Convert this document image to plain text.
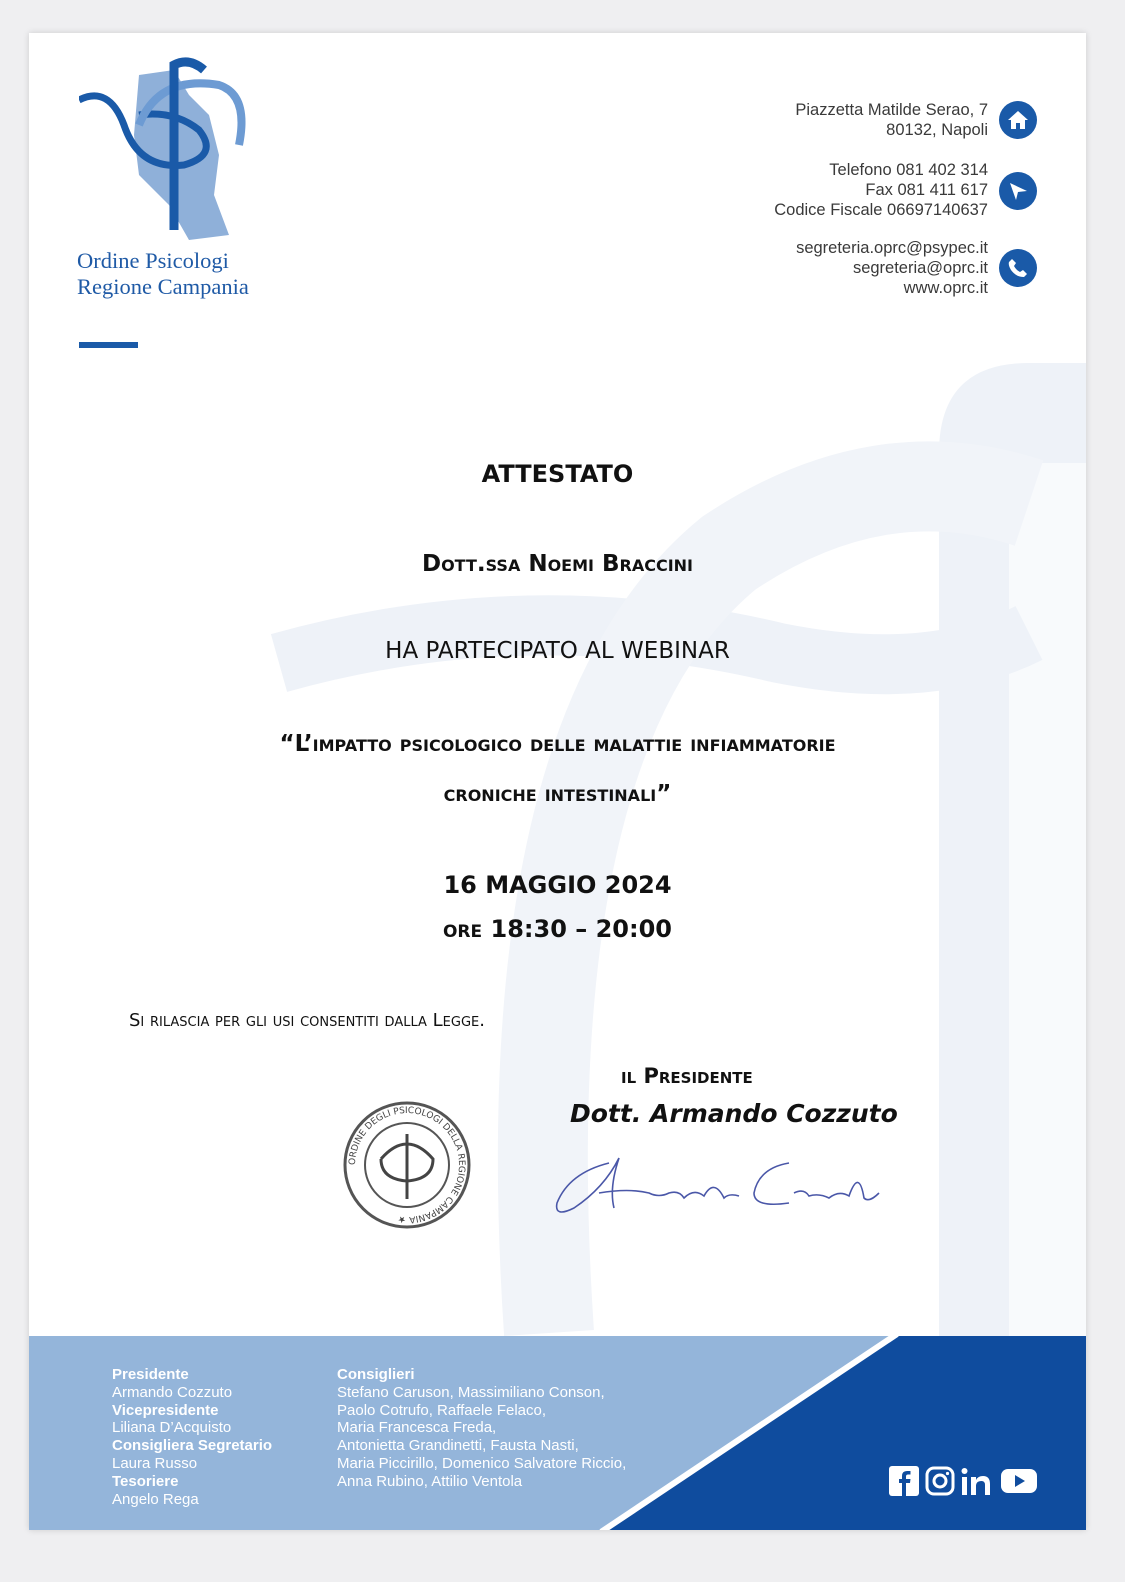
Ordine Psicologi
Regione Campania
Piazzetta Matilde Serao, 7
80132, Napoli
Telefono 081 402 314
Fax 081 411 617
Codice Fiscale 06697140637
segreteria.oprc@psypec.it
segreteria@oprc.it
www.oprc.it
ATTESTATO
Dott.ssa Noemi Braccini
HA PARTECIPATO AL WEBINAR
“L’impatto psicologico delle malattie infiammatorie
croniche intestinali”
16 MAGGIO 2024
ore 18:30 – 20:00
Si rilascia per gli usi consentiti dalla Legge.
il Presidente
Dott. Armando Cozzuto
ORDINE DEGLI PSICOLOGI DELLA REGIONE CAMPANIA ★
Presidente
Armando Cozzuto
Vicepresidente
Liliana D’Acquisto
Consigliera Segretario
Laura Russo
Tesoriere
Angelo Rega
Consiglieri
Stefano Caruson, Massimiliano Conson,
Paolo Cotrufo, Raffaele Felaco,
Maria Francesca Freda,
Antonietta Grandinetti, Fausta Nasti,
Maria Piccirillo, Domenico Salvatore Riccio,
Anna Rubino, Attilio Ventola
